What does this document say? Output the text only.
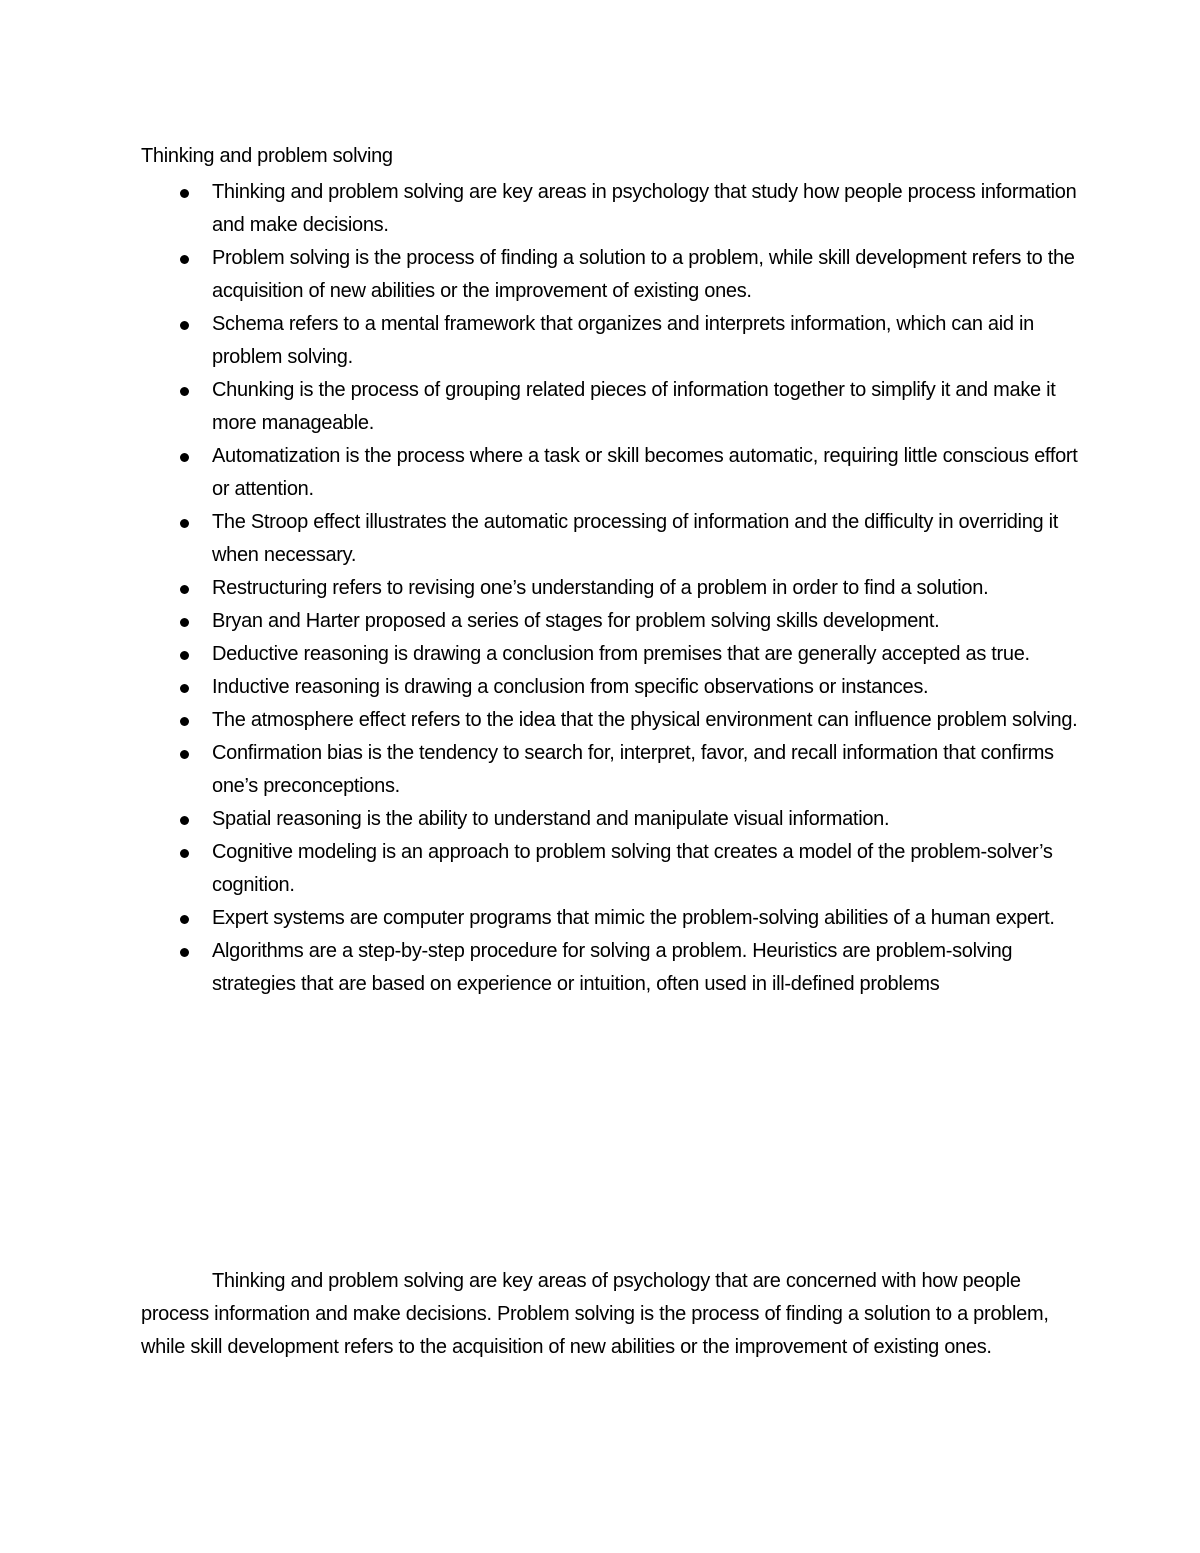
Thinking and problem solving
Thinking and problem solving are key areas in psychology that study how people process information and make decisions.
Problem solving is the process of finding a solution to a problem, while skill development refers to the acquisition of new abilities or the improvement of existing ones.
Schema refers to a mental framework that organizes and interprets information, which can aid in problem solving.
Chunking is the process of grouping related pieces of information together to simplify it and make it more manageable.
Automatization is the process where a task or skill becomes automatic, requiring little conscious effort or attention.
The Stroop effect illustrates the automatic processing of information and the difficulty in overriding it when necessary.
Restructuring refers to revising one’s understanding of a problem in order to find a solution.
Bryan and Harter proposed a series of stages for problem solving skills development.
Deductive reasoning is drawing a conclusion from premises that are generally accepted as true.
Inductive reasoning is drawing a conclusion from specific observations or instances.
The atmosphere effect refers to the idea that the physical environment can influence problem solving.
Confirmation bias is the tendency to search for, interpret, favor, and recall information that confirms one’s preconceptions.
Spatial reasoning is the ability to understand and manipulate visual information.
Cognitive modeling is an approach to problem solving that creates a model of the problem-solver’s cognition.
Expert systems are computer programs that mimic the problem-solving abilities of a human expert.
Algorithms are a step-by-step procedure for solving a problem. Heuristics are problem-solving strategies that are based on experience or intuition, often used in ill-defined problems

Thinking and problem solving are key areas of psychology that are concerned with how people process information and make decisions. Problem solving is the process of finding a solution to a problem, while skill development refers to the acquisition of new abilities or the improvement of existing ones.
